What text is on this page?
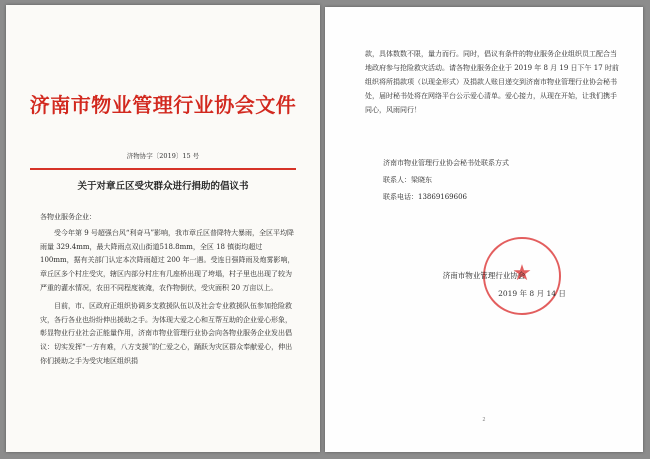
济南市物业管理行业协会文件
济物协字〔2019〕15 号
关于对章丘区受灾群众进行捐助的倡议书

各物业服务企业：

受今年第 9 号超强台风“利奇马”影响，我市章丘区普降特大暴雨，全区平均降雨量 329.4mm，最大降雨点双山街道518.8mm，全区 18 镇街均超过 100mm，据有关部门认定本次降雨超过 200 年一遇。受连日强降雨及炮雾影响，章丘区多个村庄受灾，辖区内部分村庄有几座桥出现了垮塌，村子里也出现了较为严重的灌水情况，农田不同程度被淹，农作物倒伏，受灾面积 20 万亩以上。

目前，市、区政府正组织协调多支救援队伍以及社会专业救援队伍参加抢险救灾，各行各业也纷纷伸出援助之手。为体现大爱之心和互帮互助的企业爱心形象，彰显物业行业社会正能量作用，济南市物业管理行业协会向各物业服务企业发出倡议：切实发挥“一方有难，八方支援”的仁爱之心，踊跃为灾区群众奉献爱心，伸出你们援助之手为受灾地区组织捐

款，具体数数不限，量力而行。同时，倡议有条件的物业服务企业组织员工配合当地政府参与抢险救灾活动。请各物业服务企业于 2019 年 8 月 19 日下午 17 时前组织将所捐款项（以现金形式）及捐款人账目递交到济南市物业管理行业协会秘书处，届时秘书处将在网络平台公示爱心清单。爱心接力，从现在开始，让我们携手同心，风雨同行！

济南市物业管理行业协会秘书处联系方式

联系人：梁晓东

联系电话：13869169606

★
济南市物业管理行业协会
2019 年 8 月 14 日
2
